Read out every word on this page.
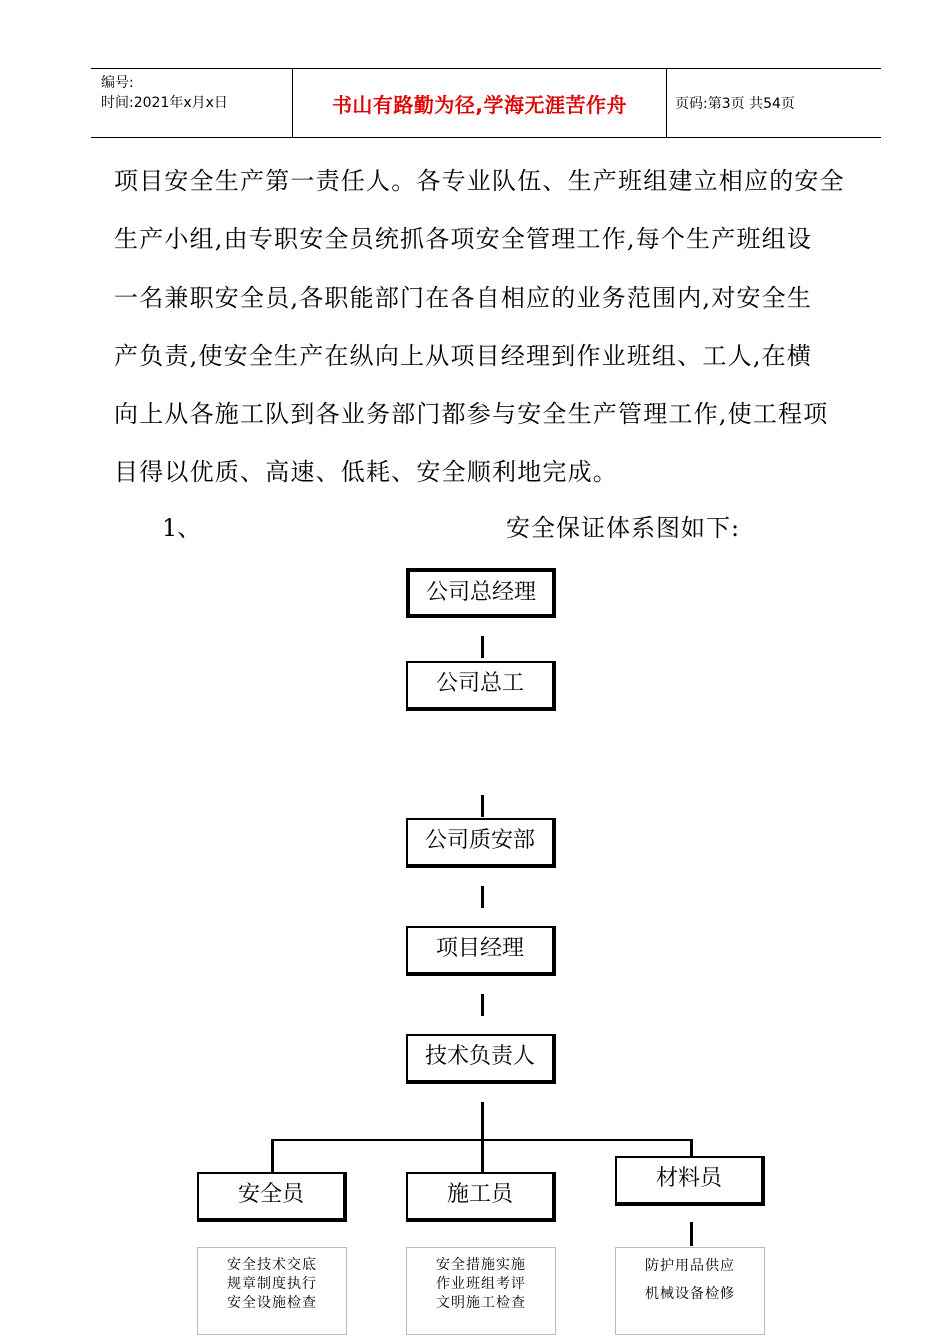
编号:
时间:2021年x月x日	书山有路勤为径,学海无涯苦作舟	页码:第3页 共54页

项目安全生产第一责任人。各专业队伍、生产班组建立相应的安全

生产小组,由专职安全员统抓各项安全管理工作,每个生产班组设

一名兼职安全员,各职能部门在各自相应的业务范围内,对安全生

产负责,使安全生产在纵向上从项目经理到作业班组、工人,在横

向上从各施工队到各业务部门都参与安全生产管理工作,使工程项

目得以优质、高速、低耗、安全顺利地完成。

1、	安全保证体系图如下:
公司总经理
公司总工
公司质安部
项目经理
技术负责人
安全员	施工员
材料员
安全技术交底
规章制度执行
安全设施检查
安全措施实施
作业班组考评
文明施工检查
防护用品供应
机械设备检修
